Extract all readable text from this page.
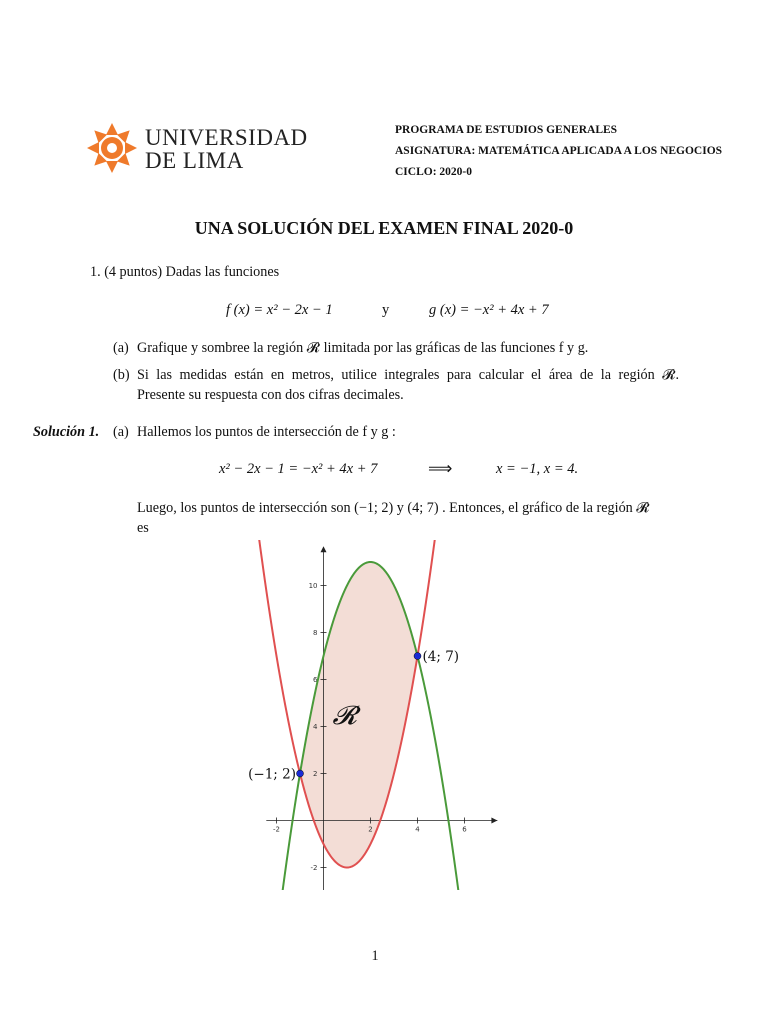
UNIVERSIDAD
DE LIMA
PROGRAMA DE ESTUDIOS GENERALES
ASIGNATURA: MATEMÁTICA APLICADA A LOS NEGOCIOS
CICLO: 2020-0
UNA SOLUCIÓN DEL EXAMEN FINAL 2020-0
1. (4 puntos) Dadas las funciones
f (x) = x² − 2x − 1	y	g (x) = −x² + 4x + 7
(a) Grafique y sombree la región 𝓡 limitada por las gráficas de las funciones f y g.
(b) Si las medidas están en metros, utilice integrales para calcular el área de la región 𝓡.
Presente su respuesta con dos cifras decimales.
Solución 1. (a) Hallemos los puntos de intersección de f y g :
x² − 2x − 1 = −x² + 4x + 7	⟹	x = −1, x = 4.
Luego, los puntos de intersección son (−1; 2) y (4; 7) . Entonces, el gráfico de la región 𝓡
es
-2	2	4	6
-2
2
4
6
8
10
(−1; 2)
(4; 7)
𝓡
1
